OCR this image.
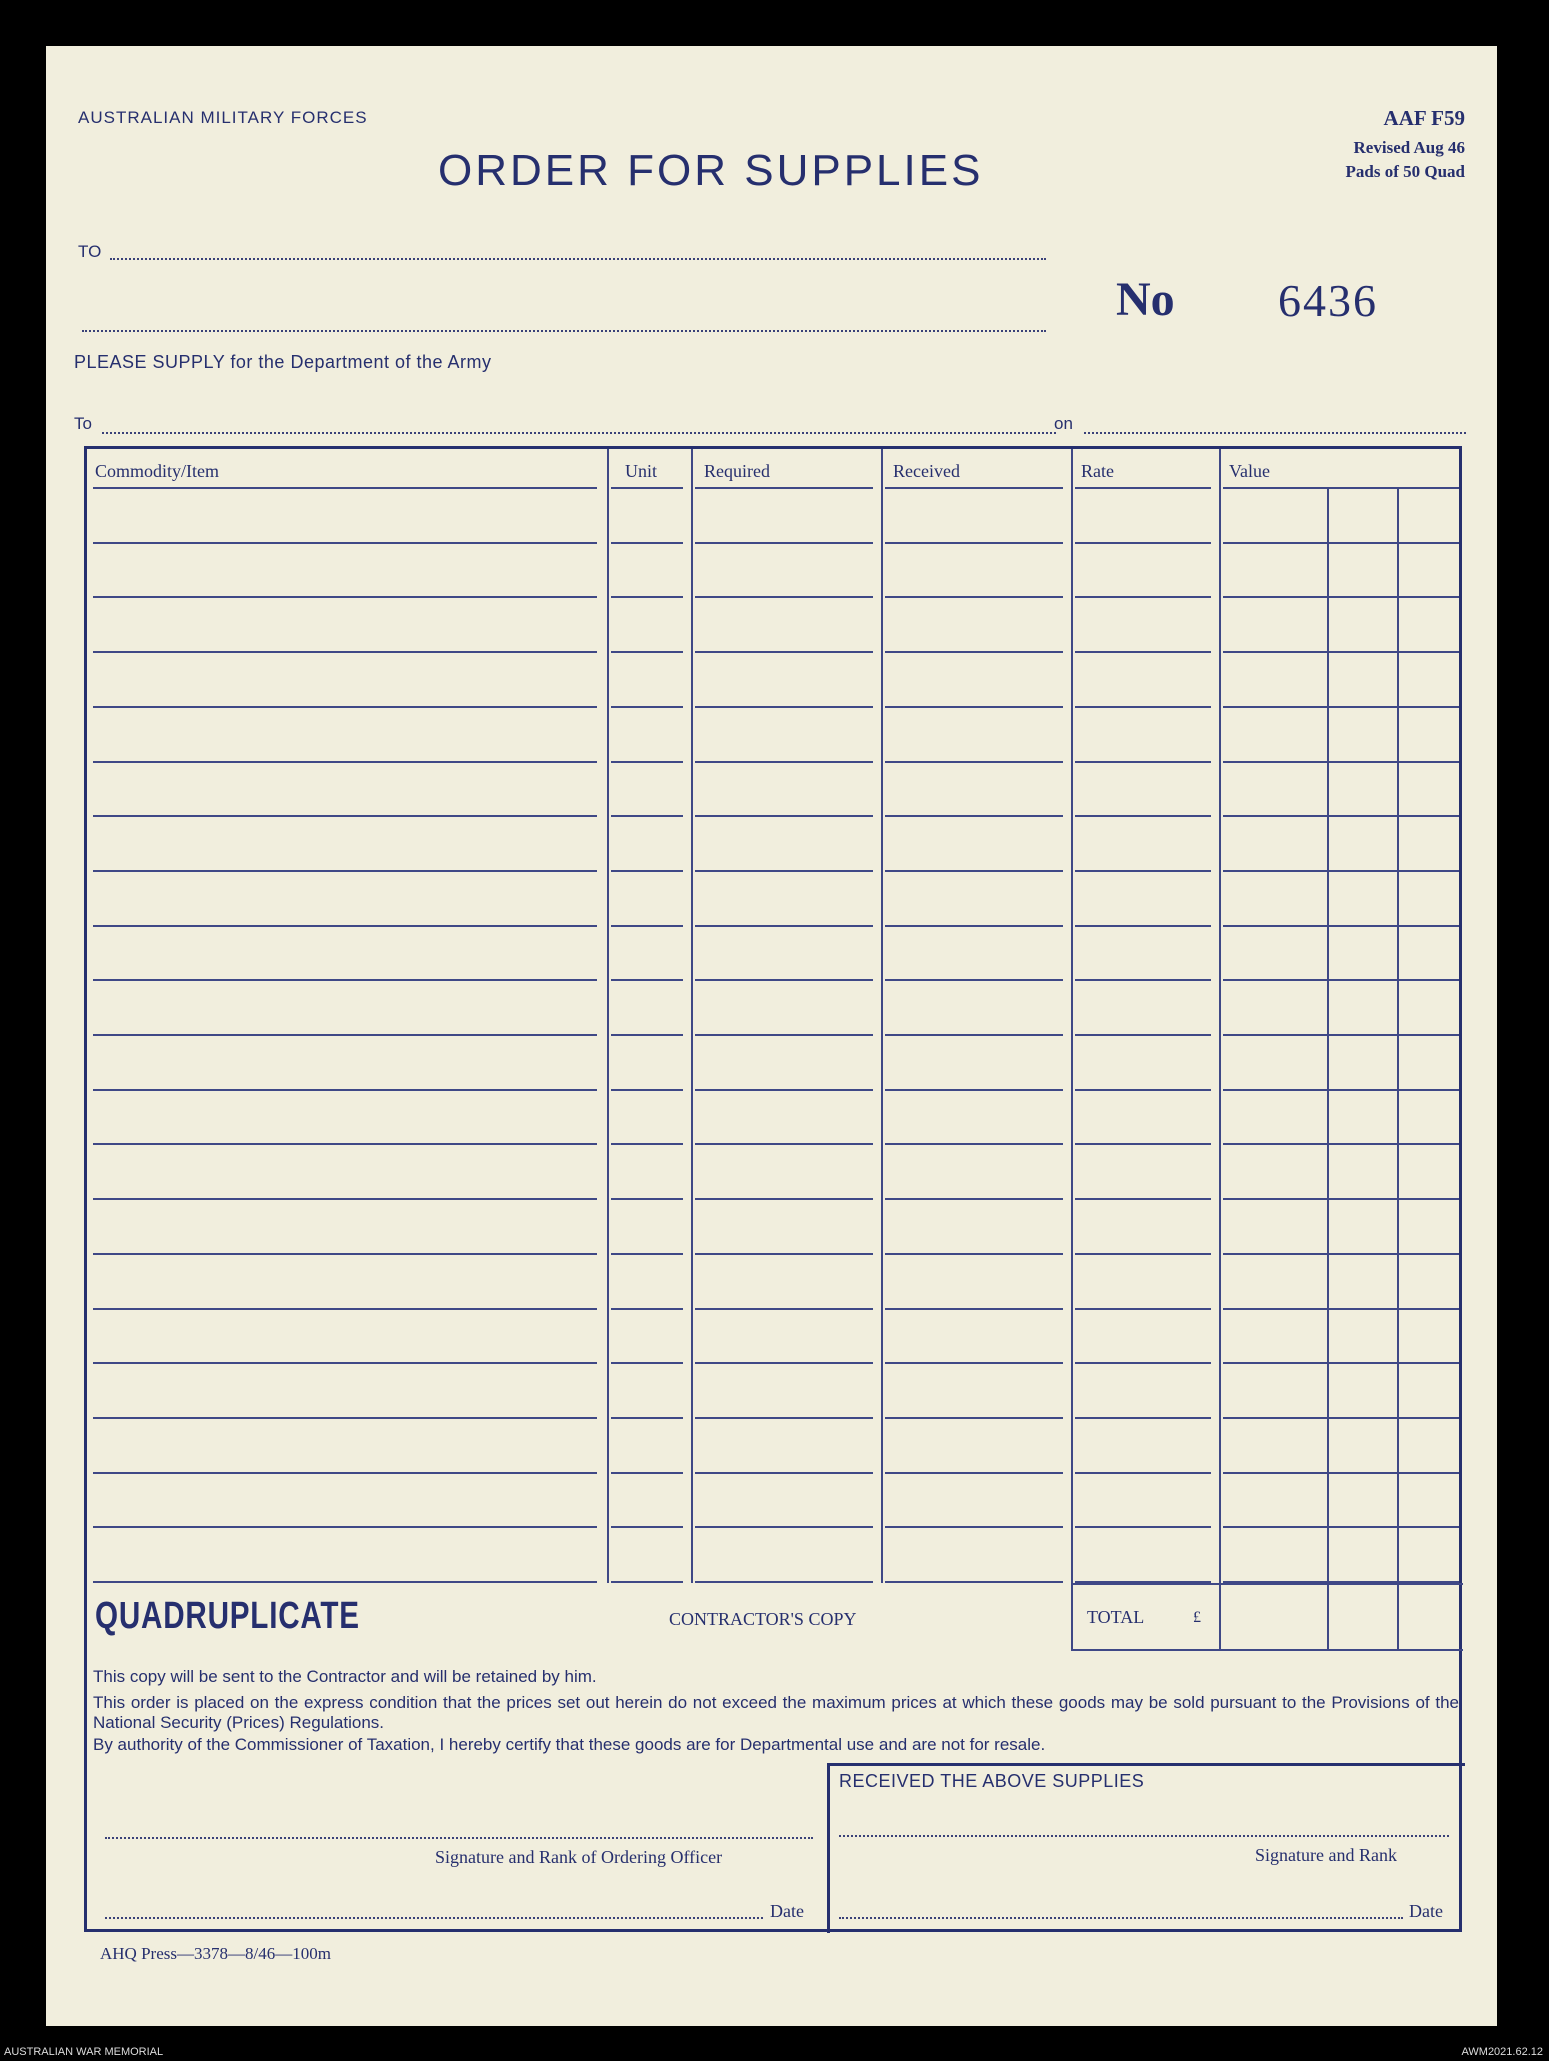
AUSTRALIAN MILITARY FORCES
ORDER FOR SUPPLIES
AAF F59
Revised Aug 46
Pads of 50 Quad
TO
No 6436
PLEASE SUPPLY for the Department of the Army
To	on
AHQ Press—3378—8/46—100m
Commodity/Item	Unit	Required	Received	Rate	Value
TOTAL	£
QUADRUPLICATE	CONTRACTOR'S COPY
This copy will be sent to the Contractor and will be retained by him.
This order is placed on the express condition that the prices set out herein do not exceed the maximum prices at which these goods may be sold pursuant to the Provisions of the National Security (Prices) Regulations.
By authority of the Commissioner of Taxation, I hereby certify that these goods are for Departmental use and are not for resale.
RECEIVED THE ABOVE SUPPLIES
Signature and Rank of Ordering Officer
Date
Signature and Rank
Date
AUSTRALIAN WAR MEMORIAL	AWM2021.62.12
